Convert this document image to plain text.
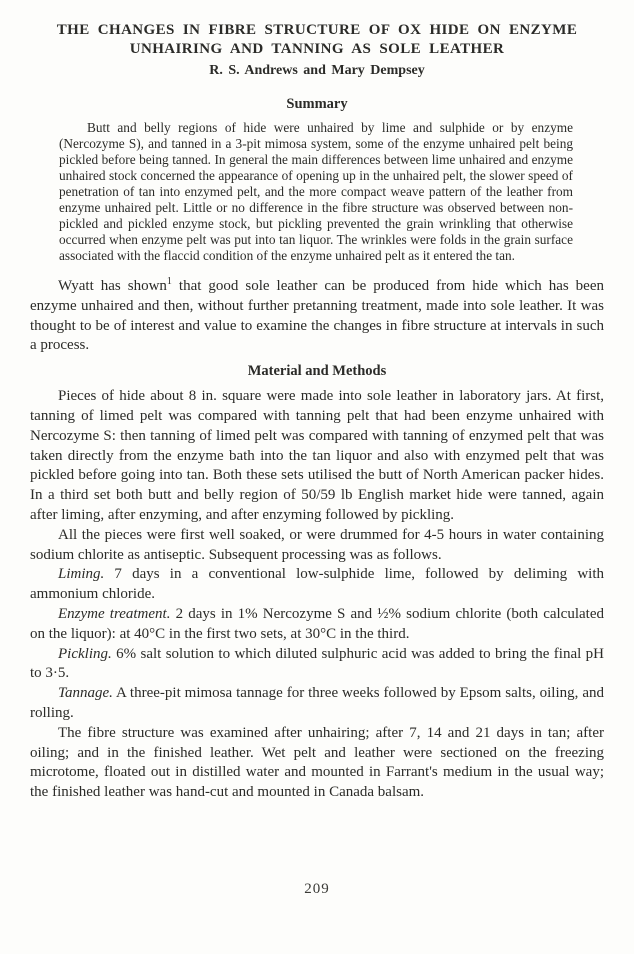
THE CHANGES IN FIBRE STRUCTURE OF OX HIDE ON ENZYME
UNHAIRING AND TANNING AS SOLE LEATHER
R. S. Andrews and Mary Dempsey
Summary
Butt and belly regions of hide were unhaired by lime and sulphide or by enzyme (Nercozyme S), and tanned in a 3-pit mimosa system, some of the enzyme unhaired pelt being pickled before being tanned. In general the main differences between lime unhaired and enzyme unhaired stock concerned the appearance of opening up in the unhaired pelt, the slower speed of penetration of tan into enzymed pelt, and the more compact weave pattern of the leather from enzyme unhaired pelt. Little or no difference in the fibre structure was observed between non-pickled and pickled enzyme stock, but pickling prevented the grain wrinkling that otherwise occurred when enzyme pelt was put into tan liquor. The wrinkles were folds in the grain surface associated with the flaccid condition of the enzyme unhaired pelt as it entered the tan.

Wyatt has shown$^1$ that good sole leather can be produced from hide which has been enzyme unhaired and then, without further pretanning treatment, made into sole leather. It was thought to be of interest and value to examine the changes in fibre structure at intervals in such a process.

Material and Methods

Pieces of hide about 8 in. square were made into sole leather in laboratory jars. At first, tanning of limed pelt was compared with tanning pelt that had been enzyme unhaired with Nercozyme S: then tanning of limed pelt was compared with tanning of enzymed pelt that was taken directly from the enzyme bath into the tan liquor and also with enzymed pelt that was pickled before going into tan. Both these sets utilised the butt of North American packer hides. In a third set both butt and belly region of 50/59 lb English market hide were tanned, again after liming, after enzyming, and after enzyming followed by pickling.

All the pieces were first well soaked, or were drummed for 4-5 hours in water containing sodium chlorite as antiseptic. Subsequent processing was as follows.

Liming. 7 days in a conventional low-sulphide lime, followed by deliming with ammonium chloride.

Enzyme treatment. 2 days in 1% Nercozyme S and ½% sodium chlorite (both calculated on the liquor): at 40°C in the first two sets, at 30°C in the third.

Pickling. 6% salt solution to which diluted sulphuric acid was added to bring the final pH to 3·5.

Tannage. A three-pit mimosa tannage for three weeks followed by Epsom salts, oiling, and rolling.

The fibre structure was examined after unhairing; after 7, 14 and 21 days in tan; after oiling; and in the finished leather. Wet pelt and leather were sectioned on the freezing microtome, floated out in distilled water and mounted in Farrant's medium in the usual way; the finished leather was hand-cut and mounted in Canada balsam.

209
